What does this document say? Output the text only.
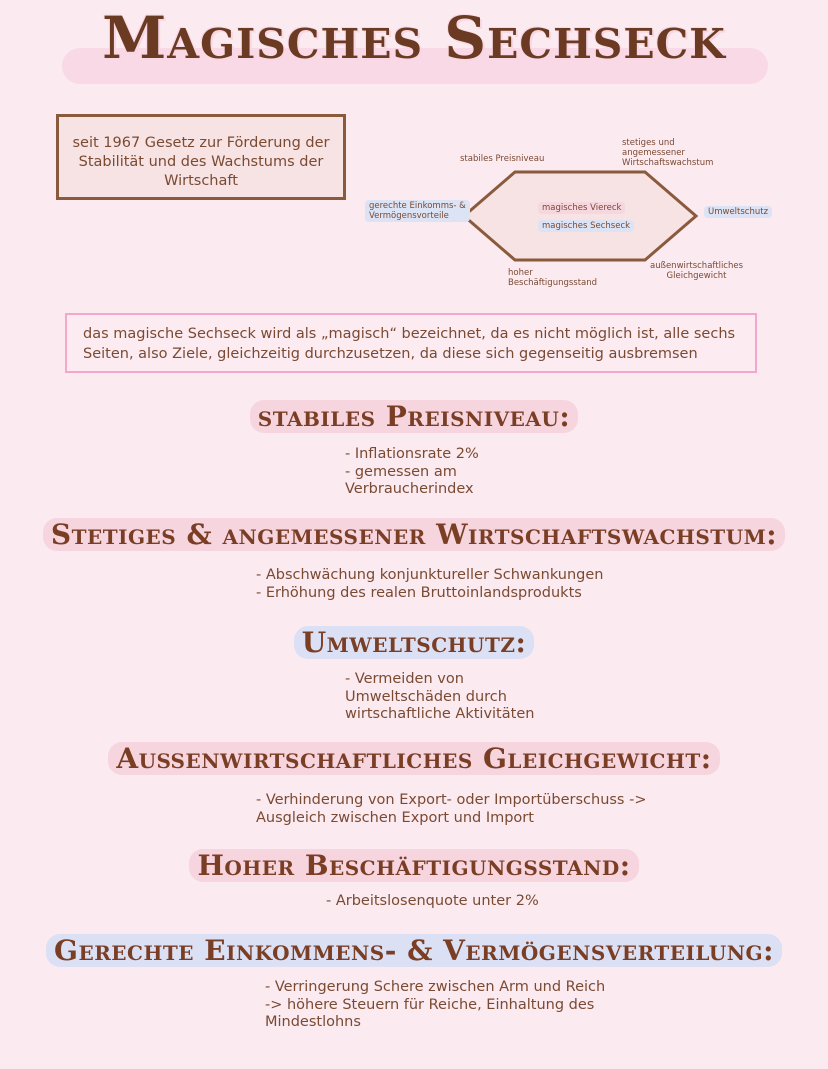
Magisches Sechseck
seit 1967 Gesetz zur Förderung der
Stabilität und des Wachstums der
Wirtschaft
stabiles Preisniveau
stetiges und
angemessener
Wirtschaftswachstum
gerechte Einkomms- &
Vermögensvorteile	Umweltschutz
magisches Viereck
magisches Sechseck
hoher
Beschäftigungsstand
außenwirtschaftliches
Gleichgewicht
das magische Sechseck wird als „magisch“ bezeichnet, da es nicht möglich ist, alle sechs
Seiten, also Ziele, gleichzeitig durchzusetzen, da diese sich gegenseitig ausbremsen
stabiles Preisniveau:
- Inflationsrate 2%
- gemessen am
Verbraucherindex
Stetiges & angemessener Wirtschaftswachstum:
- Abschwächung konjunktureller Schwankungen
- Erhöhung des realen Bruttoinlandsprodukts
Umweltschutz:
- Vermeiden von
Umweltschäden durch
wirtschaftliche Aktivitäten
Außenwirtschaftliches Gleichgewicht:
- Verhinderung von Export- oder Importüberschuss ->
Ausgleich zwischen Export und Import
Hoher Beschäftigungsstand:
- Arbeitslosenquote unter 2%
Gerechte Einkommens- & Vermögensverteilung:
- Verringerung Schere zwischen Arm und Reich
-> höhere Steuern für Reiche, Einhaltung des
Mindestlohns
